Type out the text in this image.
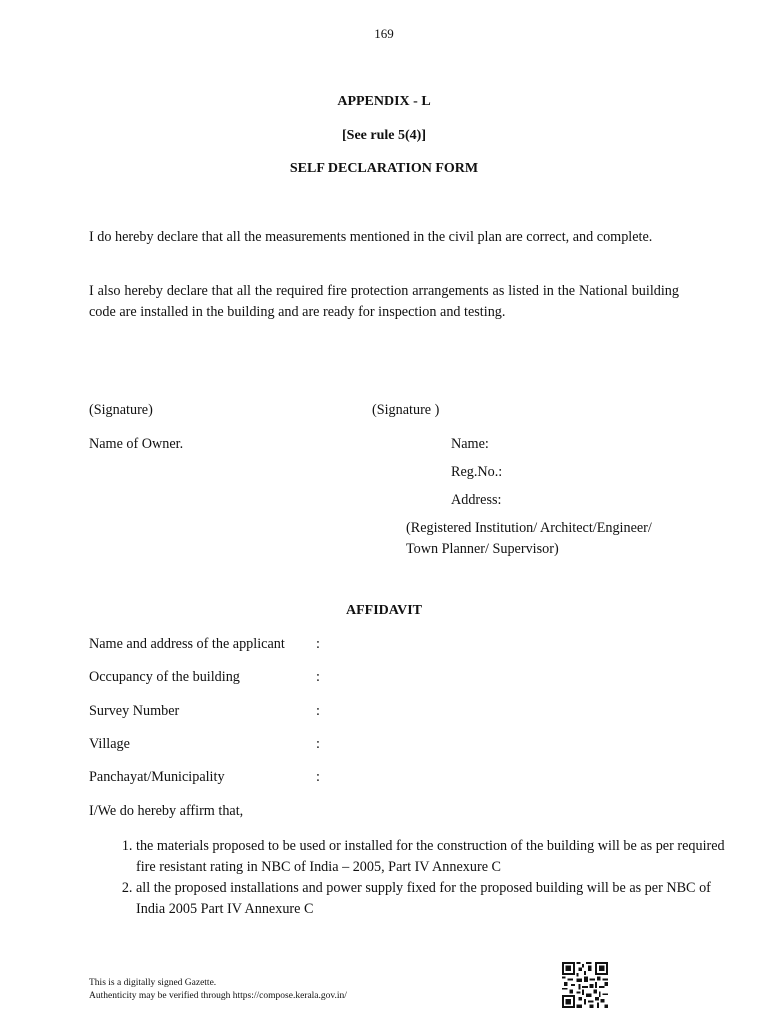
169
APPENDIX - L
[See rule 5(4)]
SELF DECLARATION FORM
I do hereby declare that all the measurements mentioned in the civil plan are correct, and complete.
I also hereby declare that all the required fire protection arrangements as listed in the National building code are installed in the building and are ready for inspection and testing.
(Signature)	(Signature )
Name of Owner.	Name:
Reg.No.:
Address:
(Registered Institution/ Architect/Engineer/
Town Planner/ Supervisor)
AFFIDAVIT
Name and address of the applicant	:
Occupancy of the building	:
Survey Number	:
Village	:
Panchayat/Municipality	:
I/We do hereby affirm that,
1. the materials proposed to be used or installed for the construction of the building will be as per required fire resistant rating in NBC of India – 2005, Part IV Annexure C
2. all the proposed installations and power supply fixed for the proposed building will be as per NBC of India 2005 Part IV Annexure C
This is a digitally signed Gazette.
Authenticity may be verified through https://compose.kerala.gov.in/
